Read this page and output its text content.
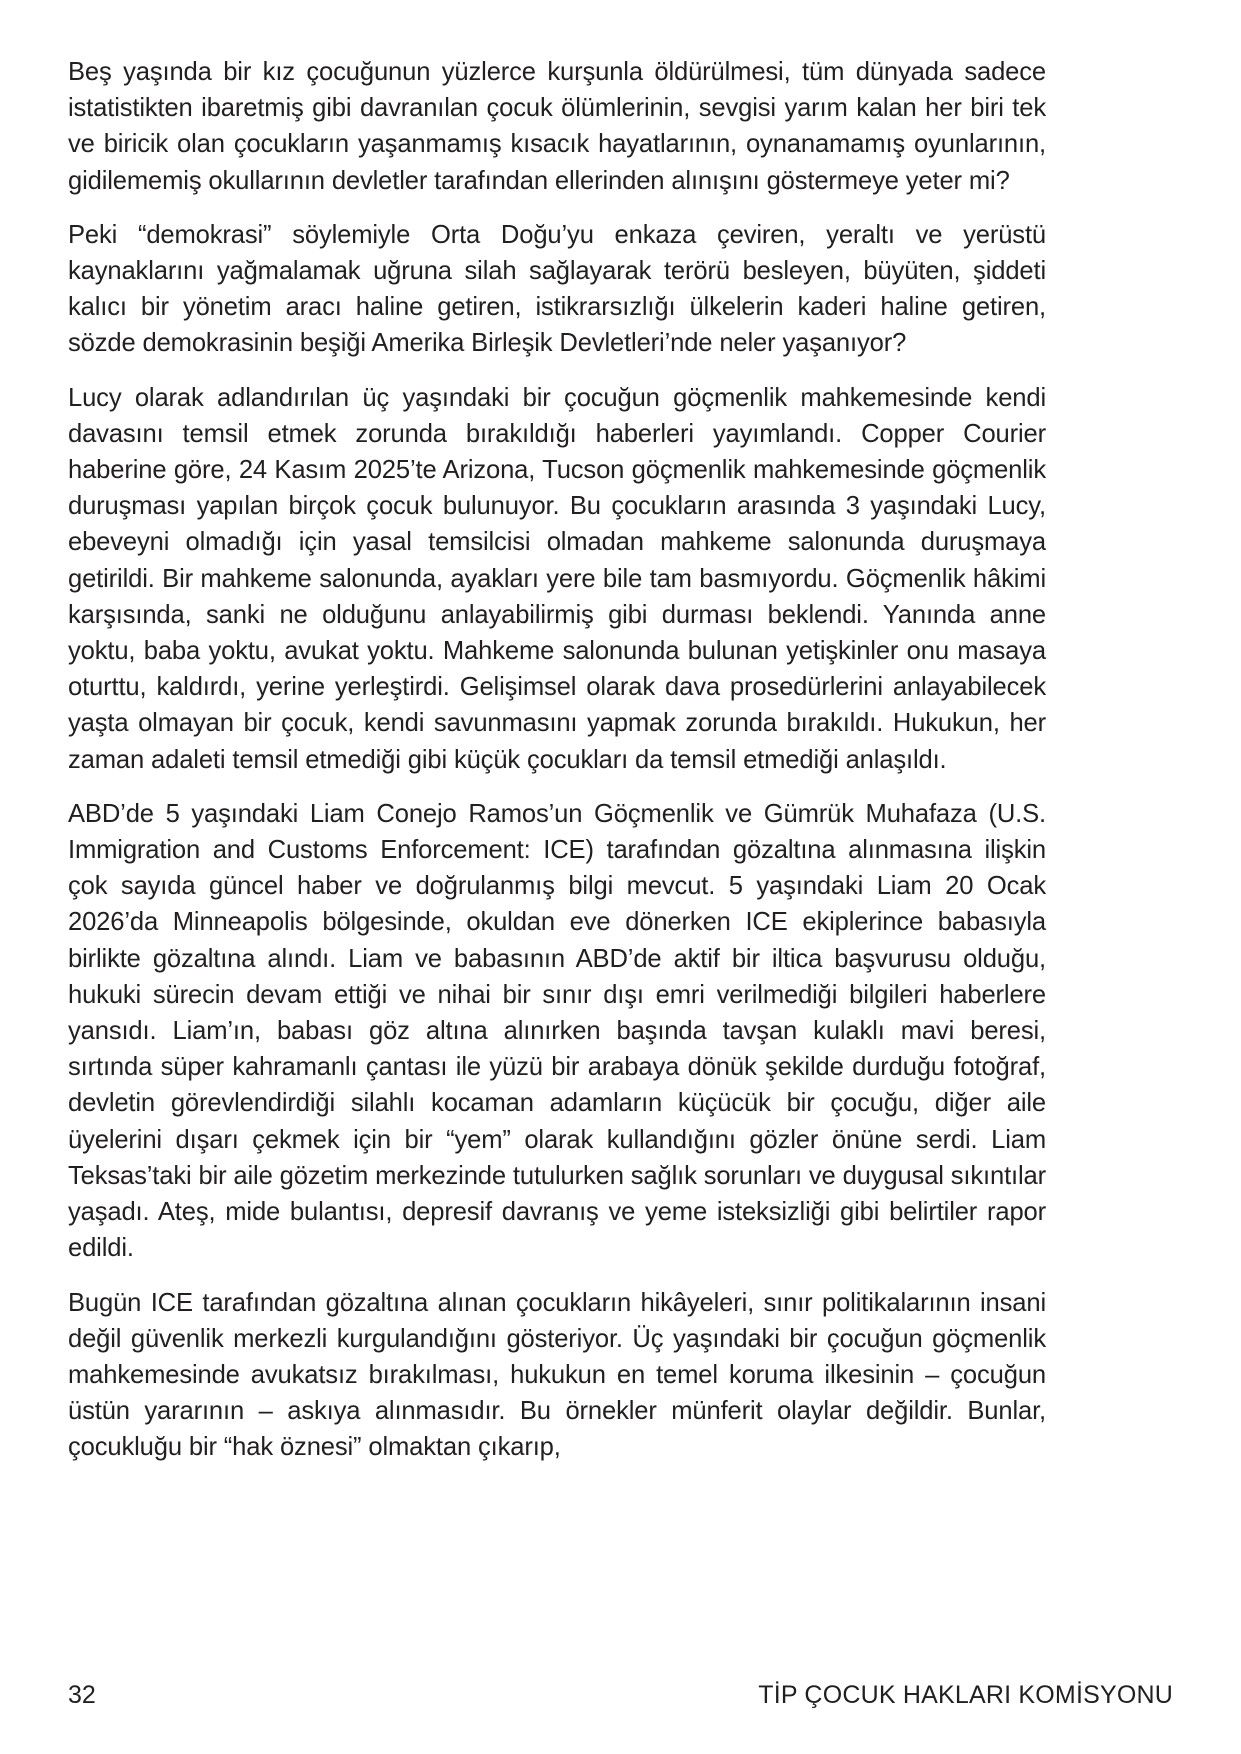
Beş yaşında bir kız çocuğunun yüzlerce kurşunla öldürülmesi, tüm dünyada sadece istatistikten ibaretmiş gibi davranılan çocuk ölümlerinin, sevgisi yarım kalan her biri tek ve biricik olan çocukların yaşanmamış kısacık hayatlarının, oynanamamış oyunlarının, gidilememiş okullarının devletler tarafından ellerinden alınışını göstermeye yeter mi?

Peki “demokrasi” söylemiyle Orta Doğu’yu enkaza çeviren, yeraltı ve yerüstü kaynaklarını yağmalamak uğruna silah sağlayarak terörü besleyen, büyüten, şiddeti kalıcı bir yönetim aracı haline getiren, istikrarsızlığı ülkelerin kaderi haline getiren, sözde demokrasinin beşiği Amerika Birleşik Devletleri’nde neler yaşanıyor?

Lucy olarak adlandırılan üç yaşındaki bir çocuğun göçmenlik mahkemesinde kendi davasını temsil etmek zorunda bırakıldığı haberleri yayımlandı. Copper Courier haberine göre, 24 Kasım 2025’te Arizona, Tucson göçmenlik mahkemesinde göçmenlik duruşması yapılan birçok çocuk bulunuyor. Bu çocukların arasında 3 yaşındaki Lucy, ebeveyni olmadığı için yasal temsilcisi olmadan mahkeme salonunda duruşmaya getirildi. Bir mahkeme salonunda, ayakları yere bile tam basmıyordu. Göçmenlik hâkimi karşısında, sanki ne olduğunu anlayabilirmiş gibi durması beklendi. Yanında anne yoktu, baba yoktu, avukat yoktu. Mahkeme salonunda bulunan yetişkinler onu masaya oturttu, kaldırdı, yerine yerleştirdi. Gelişimsel olarak dava prosedürlerini anlayabilecek yaşta olmayan bir çocuk, kendi savunmasını yapmak zorunda bırakıldı. Hukukun, her zaman adaleti temsil etmediği gibi küçük çocukları da temsil etmediği anlaşıldı.

ABD’de 5 yaşındaki Liam Conejo Ramos’un Göçmenlik ve Gümrük Muhafaza (U.S. Immigration and Customs Enforcement: ICE) tarafından gözaltına alınmasına ilişkin çok sayıda güncel haber ve doğrulanmış bilgi mevcut. 5 yaşındaki Liam 20 Ocak 2026’da Minneapolis bölgesinde, okuldan eve dönerken ICE ekiplerince babasıyla birlikte gözaltına alındı. Liam ve babasının ABD’de aktif bir iltica başvurusu olduğu, hukuki sürecin devam ettiği ve nihai bir sınır dışı emri verilmediği bilgileri haberlere yansıdı. Liam’ın, babası göz altına alınırken başında tavşan kulaklı mavi beresi, sırtında süper kahramanlı çantası ile yüzü bir arabaya dönük şekilde durduğu fotoğraf, devletin görevlendirdiği silahlı kocaman adamların küçücük bir çocuğu, diğer aile üyelerini dışarı çekmek için bir “yem” olarak kullandığını gözler önüne serdi. Liam Teksas’taki bir aile gözetim merkezinde tutulurken sağlık sorunları ve duygusal sıkıntılar yaşadı. Ateş, mide bulantısı, depresif davranış ve yeme isteksizliği gibi belirtiler rapor edildi.

Bugün ICE tarafından gözaltına alınan çocukların hikâyeleri, sınır politikalarının insani değil güvenlik merkezli kurgulandığını gösteriyor. Üç yaşındaki bir çocuğun göçmenlik mahkemesinde avukatsız bırakılması, hukukun en temel koruma ilkesinin – çocuğun üstün yararının – askıya alınmasıdır. Bu örnekler münferit olaylar değildir. Bunlar, çocukluğu bir “hak öznesi” olmaktan çıkarıp,

32	TİP ÇOCUK HAKLARI KOMİSYONU
